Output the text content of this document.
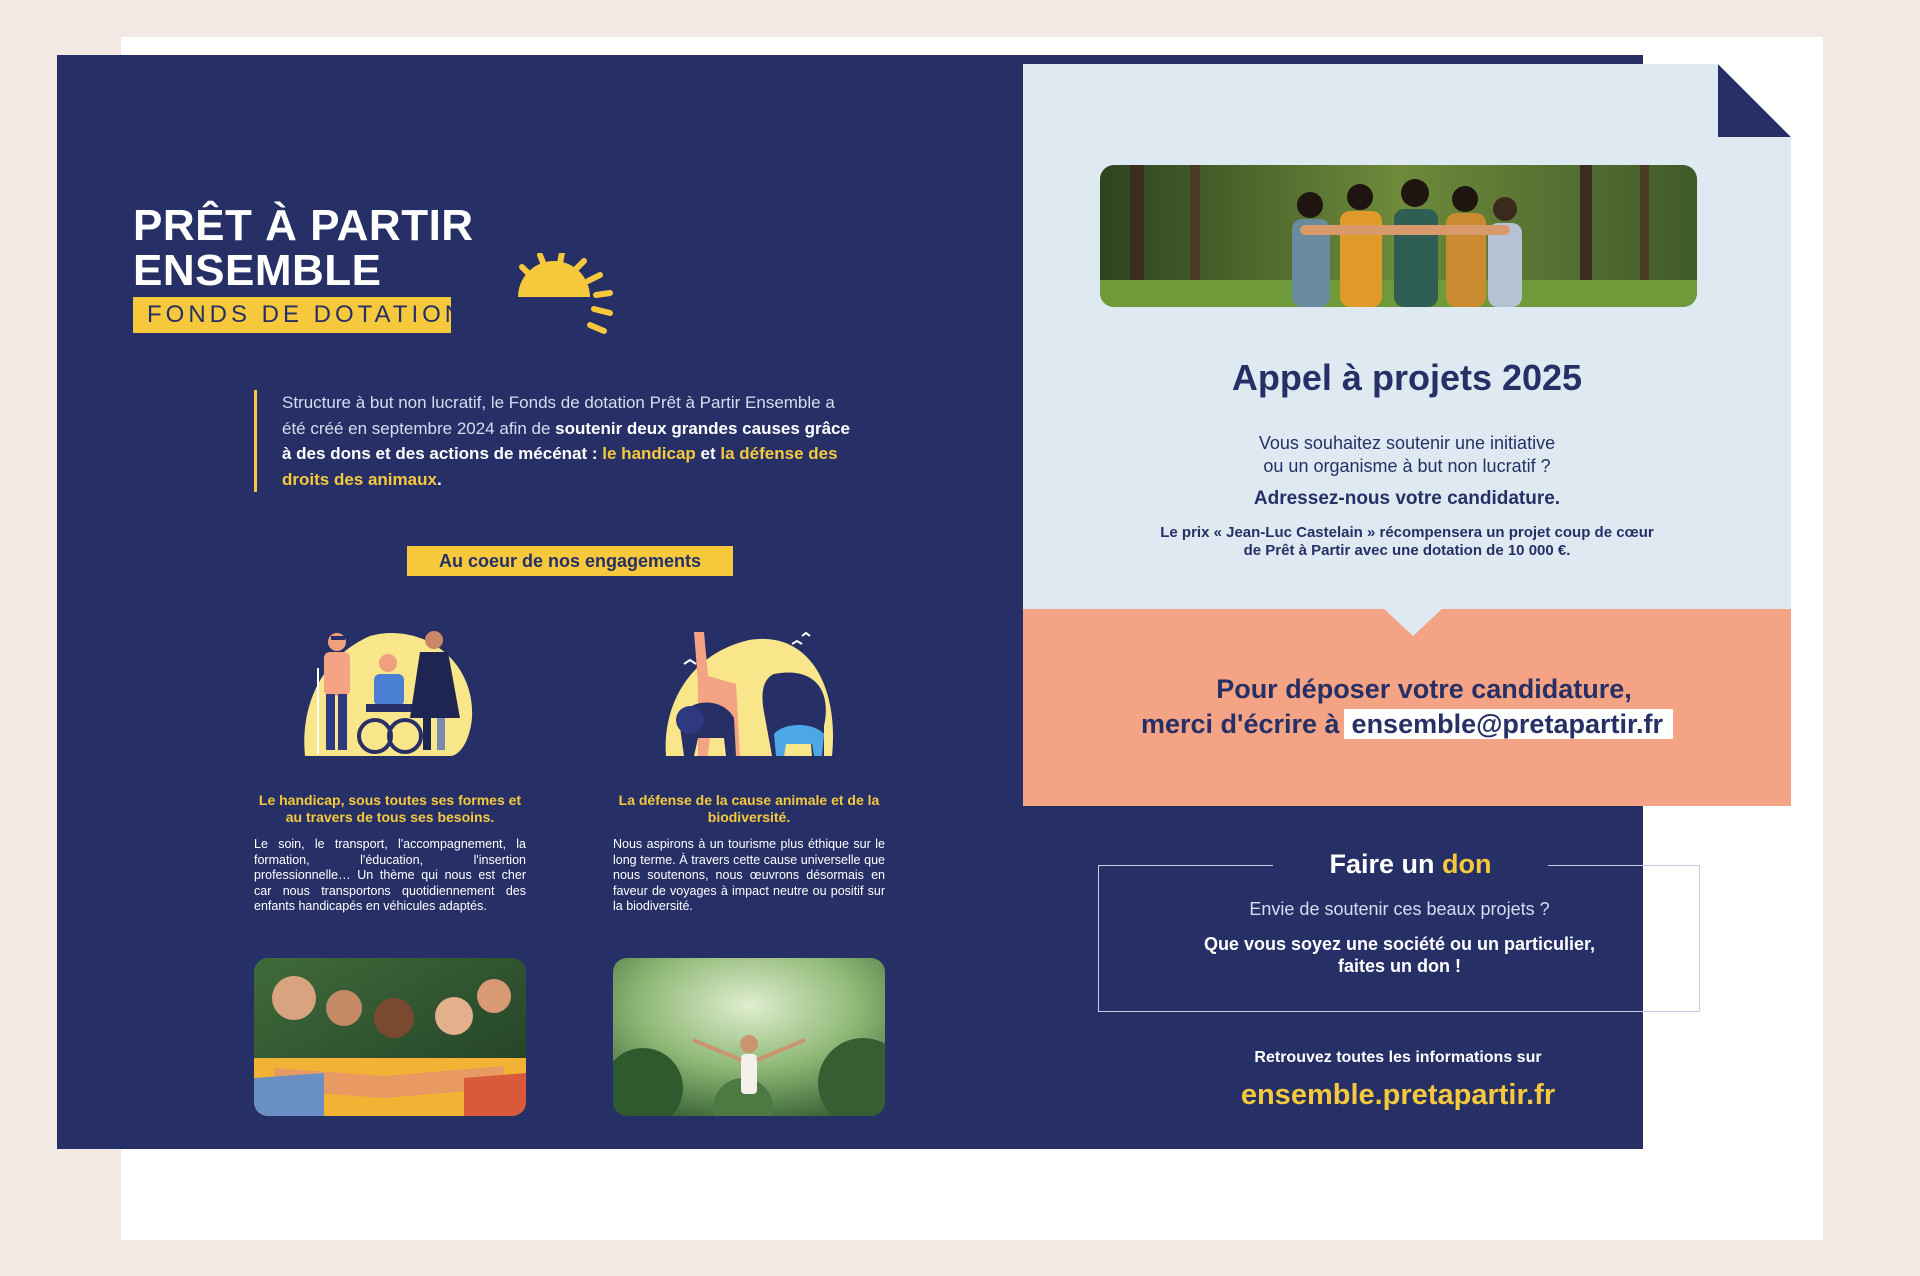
PRÊT À PARTIR
ENSEMBLE
FONDS DE DOTATION
Structure à but non lucratif, le Fonds de dotation Prêt à Partir Ensemble a été créé en septembre 2024 afin de soutenir deux grandes causes grâce à des dons et des actions de mécénat : le handicap et la défense des droits des animaux.
Au coeur de nos engagements
Le handicap, sous toutes ses formes et au travers de tous ses besoins.
Le soin, le transport, l'accompagnement, la formation, l'éducation, l'insertion professionnelle… Un thème qui nous est cher car nous transportons quotidiennement des enfants handicapés en véhicules adaptés.
La défense de la cause animale et de la biodiversité.
Nous aspirons à un tourisme plus éthique sur le long terme. À travers cette cause universelle que nous soutenons, nous œuvrons désormais en faveur de voyages à impact neutre ou positif sur la biodiversité.
Appel à projets 2025
Vous souhaitez soutenir une initiative
ou un organisme à but non lucratif ?
Adressez-nous votre candidature.
Le prix « Jean-Luc Castelain » récompensera un projet coup de cœur
de Prêt à Partir avec une dotation de 10 000 €.
Pour déposer votre candidature,
merci d'écrire à ensemble@pretapartir.fr
Faire un don
Envie de soutenir ces beaux projets ?
Que vous soyez une société ou un particulier,
faites un don !
Retrouvez toutes les informations sur
ensemble.pretapartir.fr
